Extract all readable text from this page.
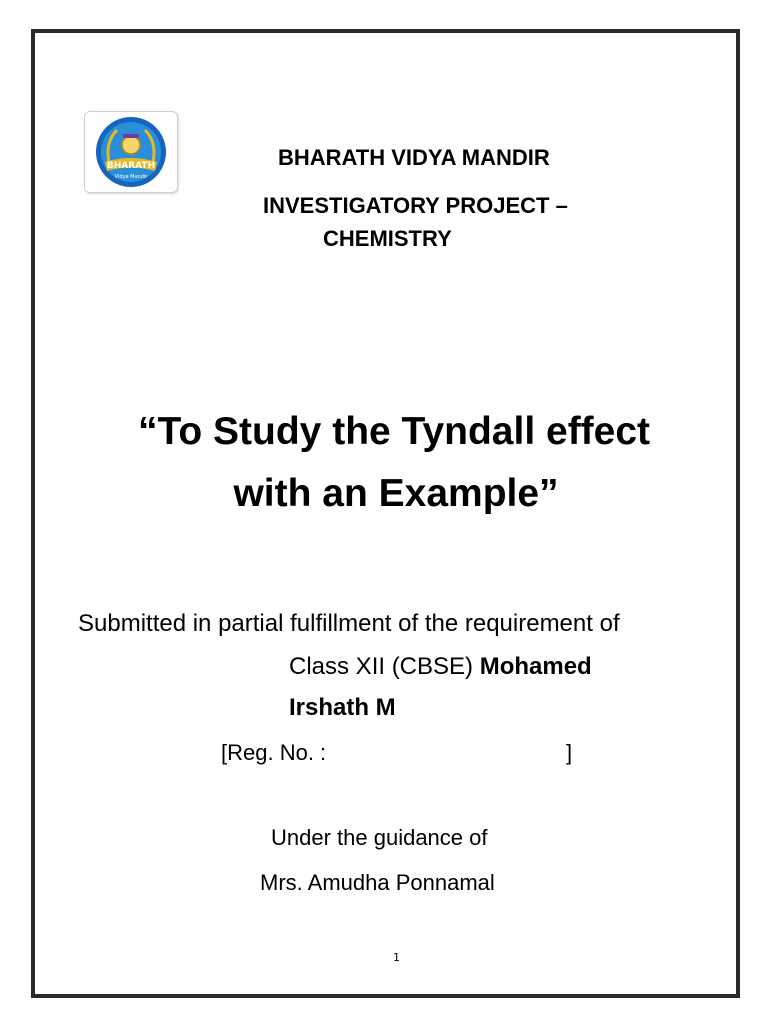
BHARATH
Vidya Mandir
BHARATH VIDYA MANDIR
INVESTIGATORY PROJECT –
CHEMISTRY
“To Study the Tyndall effect
with an Example”
Submitted in partial fulfillment of the requirement of
Class XII (CBSE) Mohamed
Irshath M
[Reg. No. :	]
Under the guidance of
Mrs. Amudha Ponnamal
1
